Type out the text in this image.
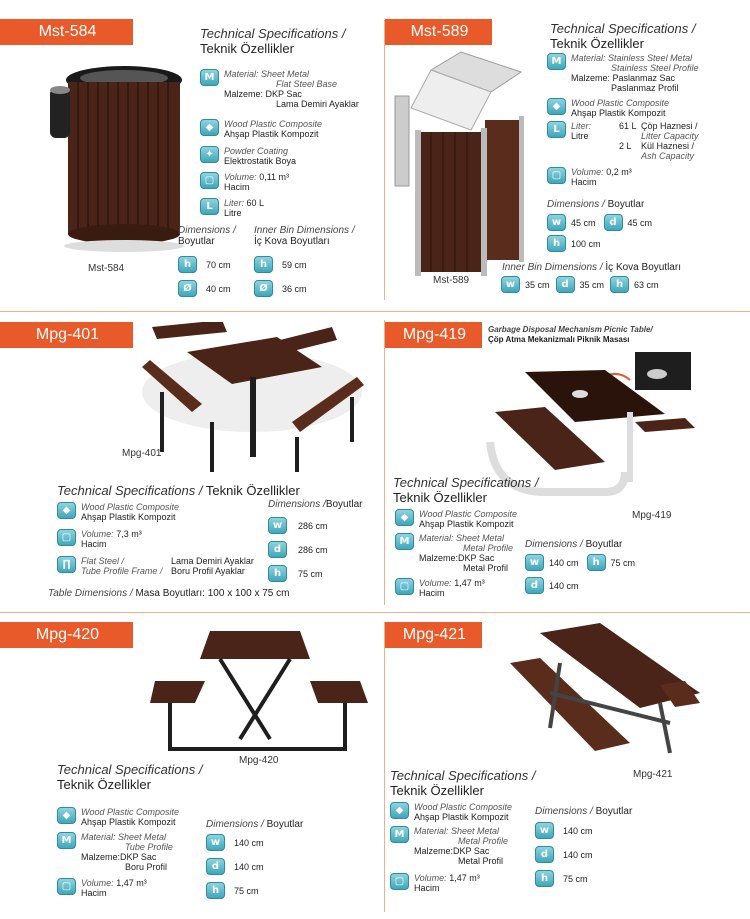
Mst-584
Mst-584
Technical Specifications /
Teknik Özellikler
M	Material: Sheet Metal
Flat Steel Base
Malzeme: DKP Sac
Lama Demiri Ayaklar
◆	Wood Plastic Composite
Ahşap Plastik Kompozit
✦	Powder Coating
Elektrostatik Boya
▢	Volume: 0,11 m³
Hacim
L	Liter: 60 L
Litre
Dimensions /
Boyutlar
Inner Bin Dimensions /
İç Kova Boyutları
h	70 cm
Ø	40 cm
h	59 cm
Ø	36 cm
Mst-589
Mst-589
Technical Specifications /
Teknik Özellikler
M	Material: Stainless Steel Metal
Stainless Steel Profile
Malzeme: Paslanmaz Sac
Paslanmaz Profil
◆	Wood Plastic Composite
Ahşap Plastik Kompozit
L	Liter:
Litre
61 L Çöp Haznesi /
Litter Capacity
2 L	Kül Haznesi /
Ash Capacity
▢	Volume: 0,2 m³
Hacim
Dimensions / Boyutlar
w	45 cm	d	45 cm
h	100 cm
Inner Bin Dimensions / İç Kova Boyutları
w	35 cm	d	35 cm	h	63 cm
Mpg-401
Mpg-401
Technical Specifications / Teknik Özellikler
◆	Wood Plastic Composite
Ahşap Plastik Kompozit
▢	Volume: 7,3 m³
Hacim
∏	Flat Steel /
Tube Profile Frame /
Lama Demiri Ayaklar
Boru Profil Ayaklar
Dimensions /Boyutlar
w	286 cm
d	286 cm
h	75 cm
Table Dimensions / Masa Boyutları: 100 x 100 x 75 cm
Mpg-419	Garbage Disposal Mechanism Picnic Table/
Çöp Atma Mekanizmalı Piknik Masası
Mpg-419
Technical Specifications /
Teknik Özellikler
◆	Wood Plastic Composite
Ahşap Plastik Kompozit
M	Material: Sheet Metal
Metal Profile
Malzeme:DKP Sac
Metal Profil
▢	Volume: 1,47 m³
Hacim
Dimensions / Boyutlar
w	140 cm	h	75 cm
d	140 cm
Mpg-420
Mpg-420
Technical Specifications /
Teknik Özellikler
◆	Wood Plastic Composite
Ahşap Plastik Kompozit
M	Material: Sheet Metal
Tube Profile
Malzeme:DKP Sac
Boru Profil
▢	Volume: 1,47 m³
Hacim
Dimensions / Boyutlar
w	140 cm
d	140 cm
h	75 cm
Mpg-421
Mpg-421
Technical Specifications /
Teknik Özellikler
◆	Wood Plastic Composite
Ahşap Plastik Kompozit
M	Material: Sheet Metal
Metal Profile
Malzeme:DKP Sac
Metal Profil
▢	Volume: 1,47 m³
Hacim
Dimensions / Boyutlar
w	140 cm
d	140 cm
h	75 cm
